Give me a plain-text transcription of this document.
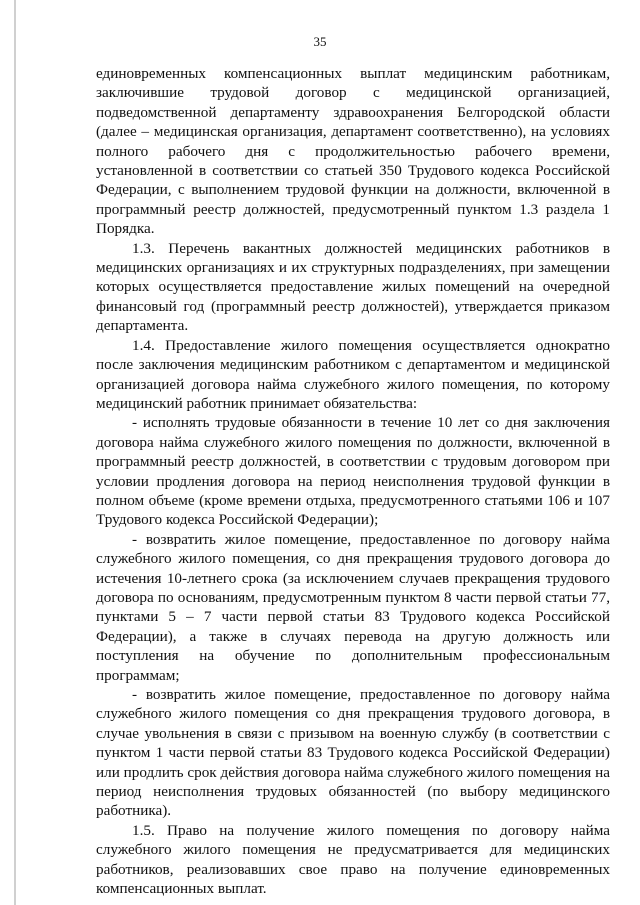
35

единовременных компенсационных выплат медицинским работникам, заключившие трудовой договор с медицинской организацией, подведомственной департаменту здравоохранения Белгородской области (далее – медицинская организация, департамент соответственно), на условиях полного рабочего дня с продолжительностью рабочего времени, установленной в соответствии со статьей 350 Трудового кодекса Российской Федерации, с выполнением трудовой функции на должности, включенной в программный реестр должностей, предусмотренный пунктом 1.3 раздела 1 Порядка.

1.3. Перечень вакантных должностей медицинских работников в медицинских организациях и их структурных подразделениях, при замещении которых осуществляется предоставление жилых помещений на очередной финансовый год (программный реестр должностей), утверждается приказом департамента.

1.4. Предоставление жилого помещения осуществляется однократно после заключения медицинским работником с департаментом и медицинской организацией договора найма служебного жилого помещения, по которому медицинский работник принимает обязательства:

- исполнять трудовые обязанности в течение 10 лет со дня заключения договора найма служебного жилого помещения по должности, включенной в программный реестр должностей, в соответствии с трудовым договором при условии продления договора на период неисполнения трудовой функции в полном объеме (кроме времени отдыха, предусмотренного статьями 106 и 107 Трудового кодекса Российской Федерации);

- возвратить жилое помещение, предоставленное по договору найма служебного жилого помещения, со дня прекращения трудового договора до истечения 10-летнего срока (за исключением случаев прекращения трудового договора по основаниям, предусмотренным пунктом 8 части первой статьи 77, пунктами 5 – 7 части первой статьи 83 Трудового кодекса Российской Федерации), а также в случаях перевода на другую должность или поступления на обучение по дополнительным профессиональным программам;

- возвратить жилое помещение, предоставленное по договору найма служебного жилого помещения со дня прекращения трудового договора, в случае увольнения в связи с призывом на военную службу (в соответствии с пунктом 1 части первой статьи 83 Трудового кодекса Российской Федерации) или продлить срок действия договора найма служебного жилого помещения на период неисполнения трудовых обязанностей (по выбору медицинского работника).

1.5. Право на получение жилого помещения по договору найма служебного жилого помещения не предусматривается для медицинских работников, реализовавших свое право на получение единовременных компенсационных выплат.
